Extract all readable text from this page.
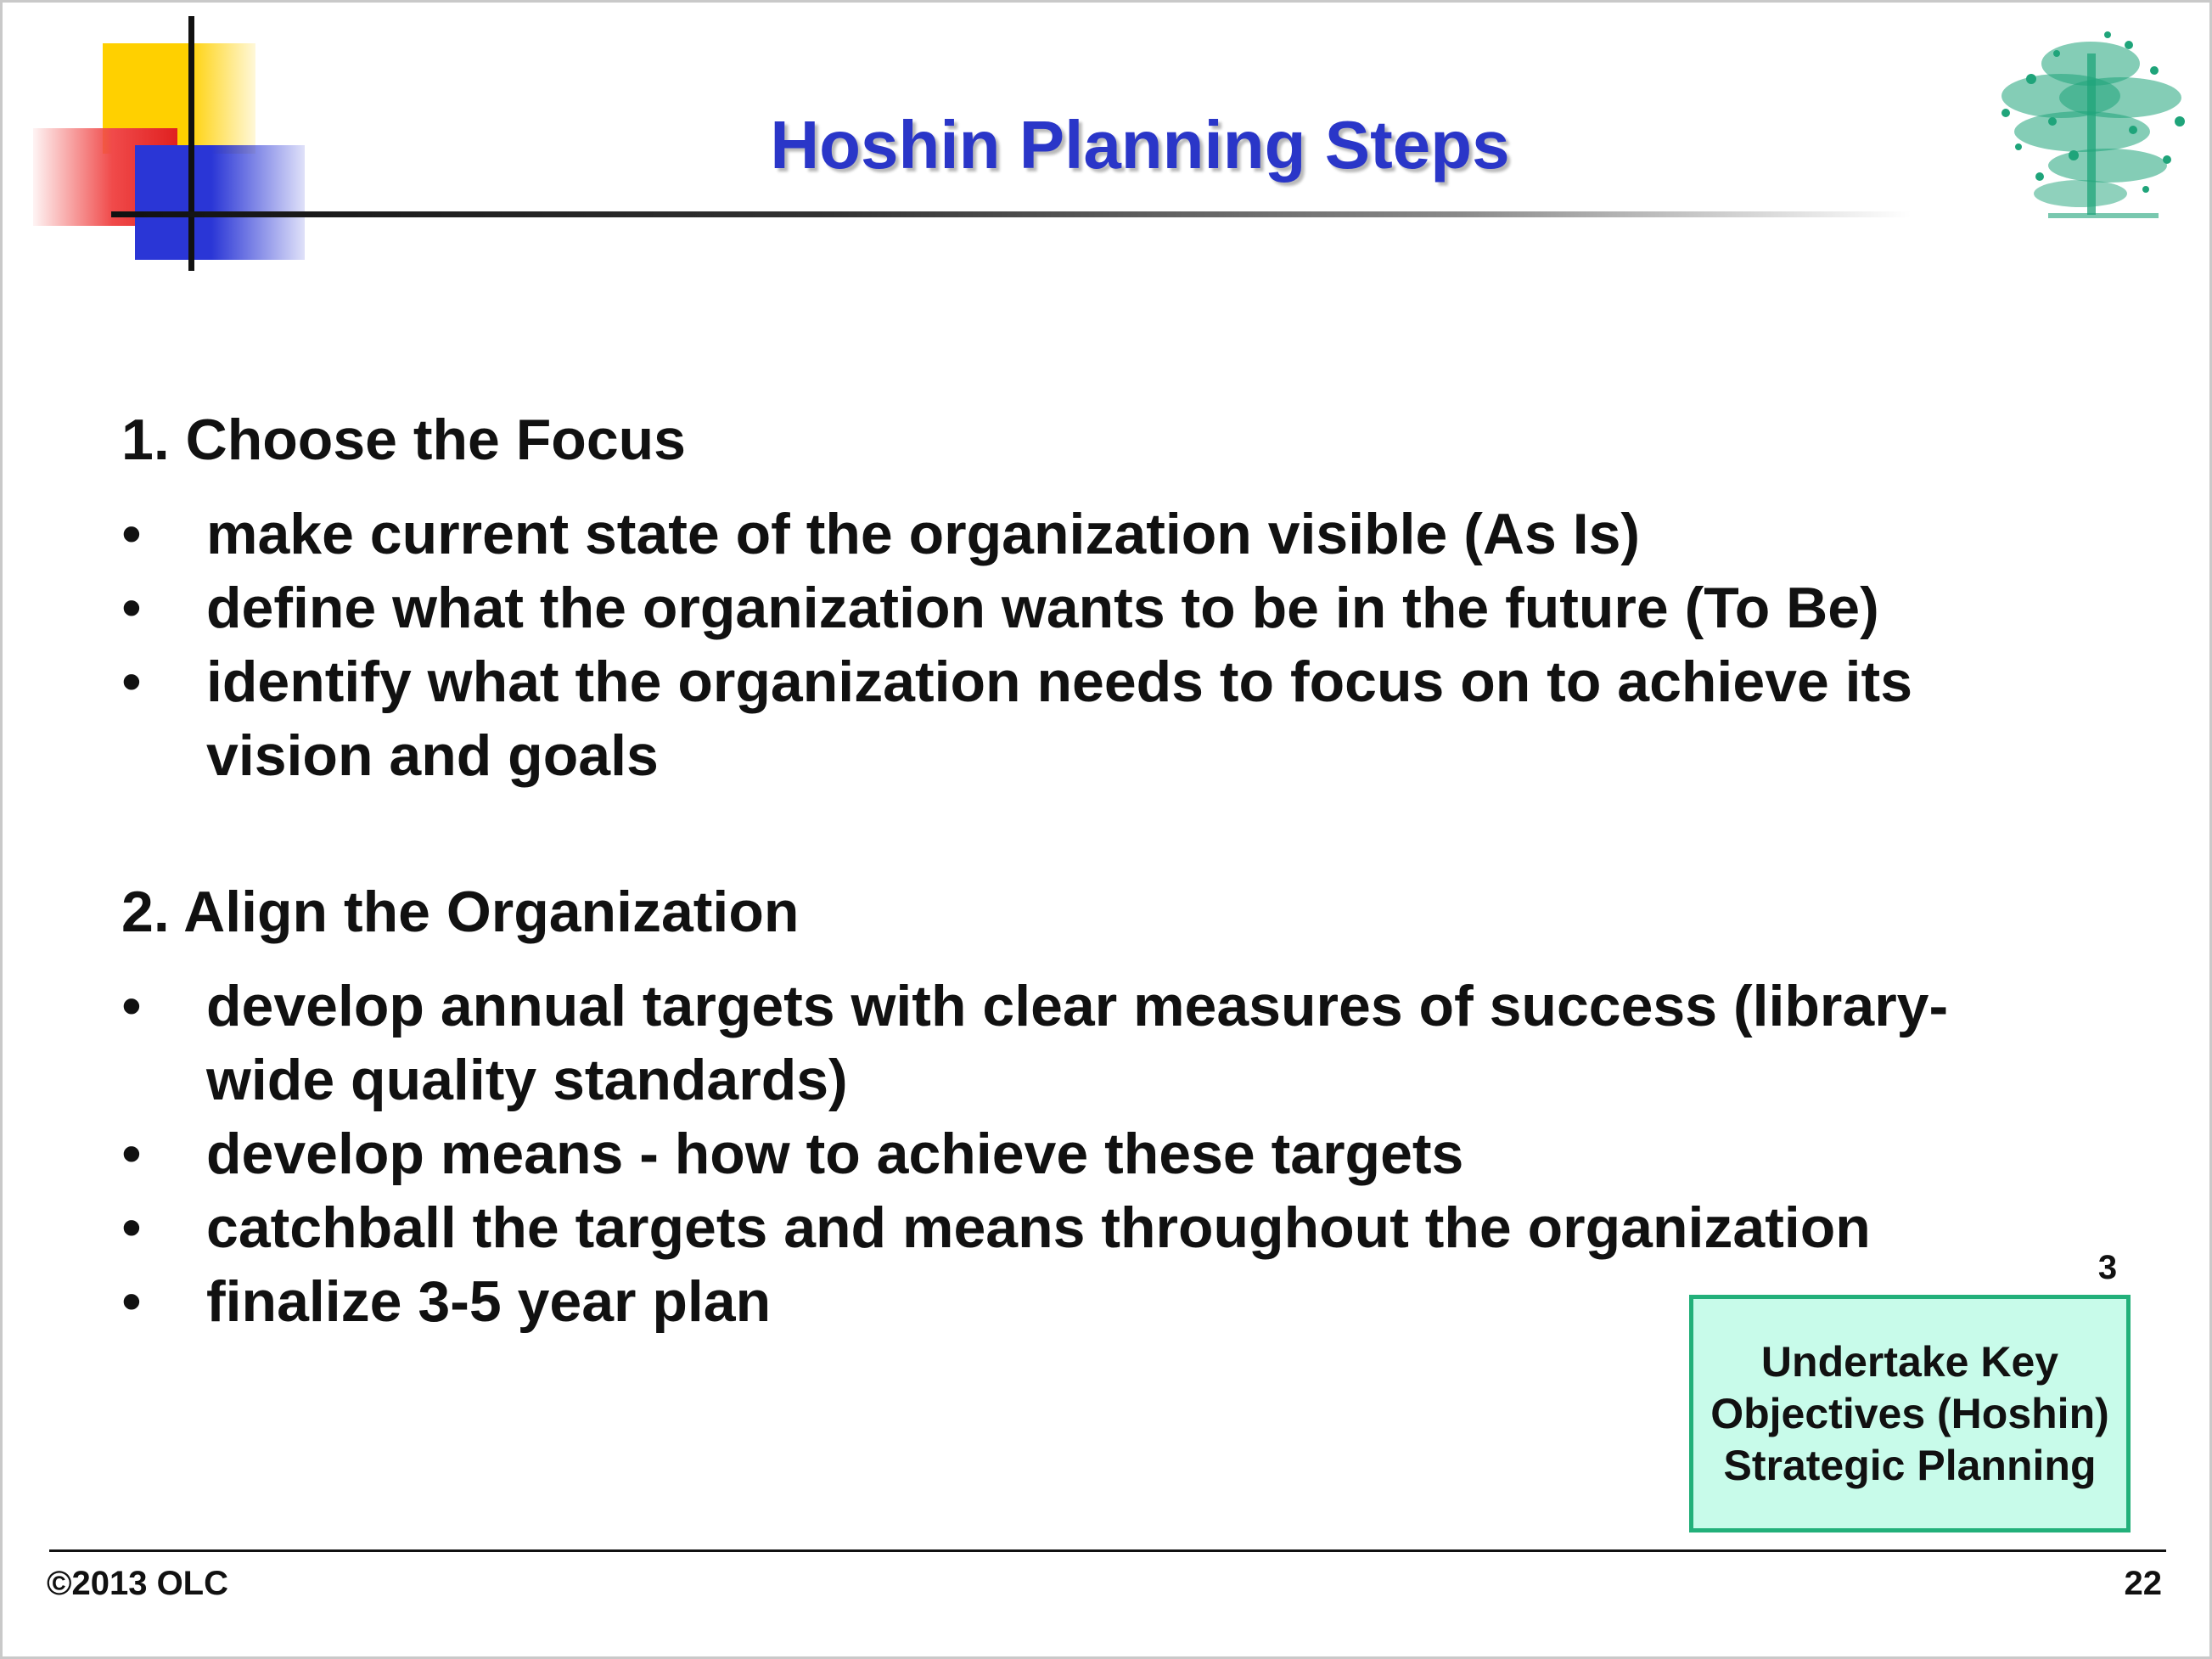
Hoshin Planning Steps

1. Choose the Focus

• make current state of the organization visible (As Is)
• define what the organization wants to be in the future (To Be)
• identify what the organization needs to focus on to achieve its vision and goals

2. Align the Organization

• develop annual targets with clear measures of success (library-wide quality standards)
• develop means - how to achieve these targets
• catchball the targets and means throughout the organization
• finalize 3-5 year plan
3
Undertake Key Objectives (Hoshin) Strategic Planning
©2013 OLC	22
